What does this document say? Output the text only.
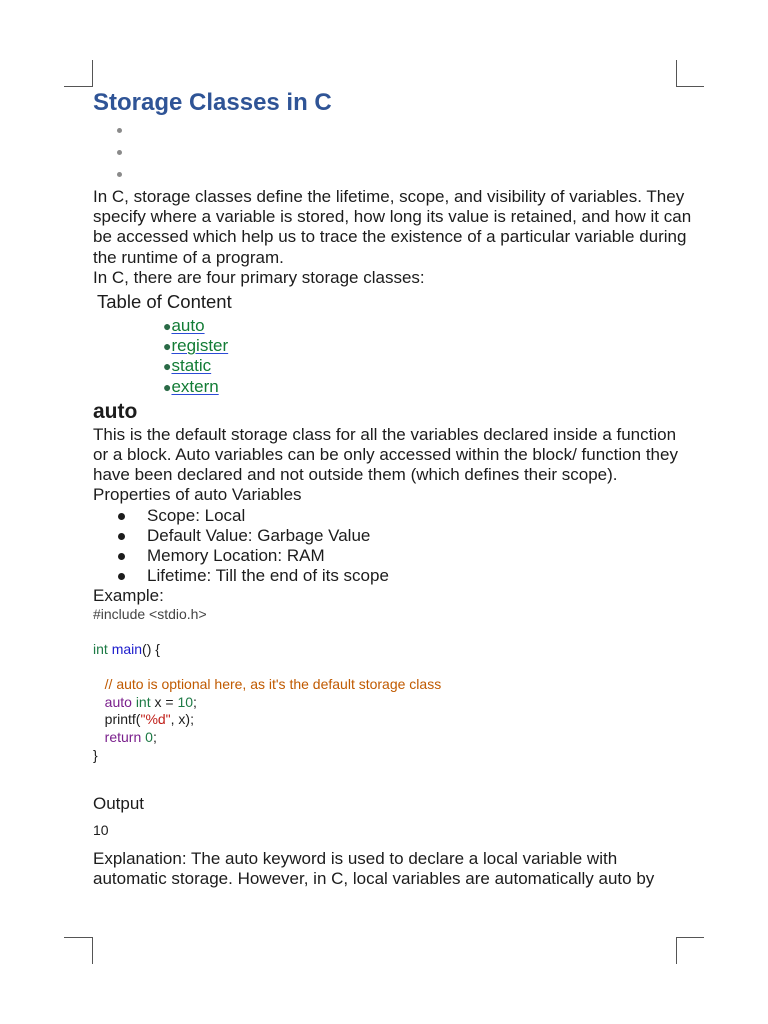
Storage Classes in C

In C, storage classes define the lifetime, scope, and visibility of variables. They specify where a variable is stored, how long its value is retained, and how it can be accessed which help us to trace the existence of a particular variable during the runtime of a program.

In C, there are four primary storage classes:

Table of Content
●auto
●register
●static
●extern
auto

This is the default storage class for all the variables declared inside a function or a block. Auto variables can be only accessed within the block/ function they have been declared and not outside them (which defines their scope).

Properties of auto Variables

Scope: Local
Default Value: Garbage Value
Memory Location: RAM
Lifetime: Till the end of its scope

Example:

#include <stdio.h>

int main() {

// auto is optional here, as it's the default storage class
auto int x = 10;
printf("%d", x);
return 0;
}

Output

10

Explanation: The auto keyword is used to declare a local variable with automatic storage. However, in C, local variables are automatically auto by
